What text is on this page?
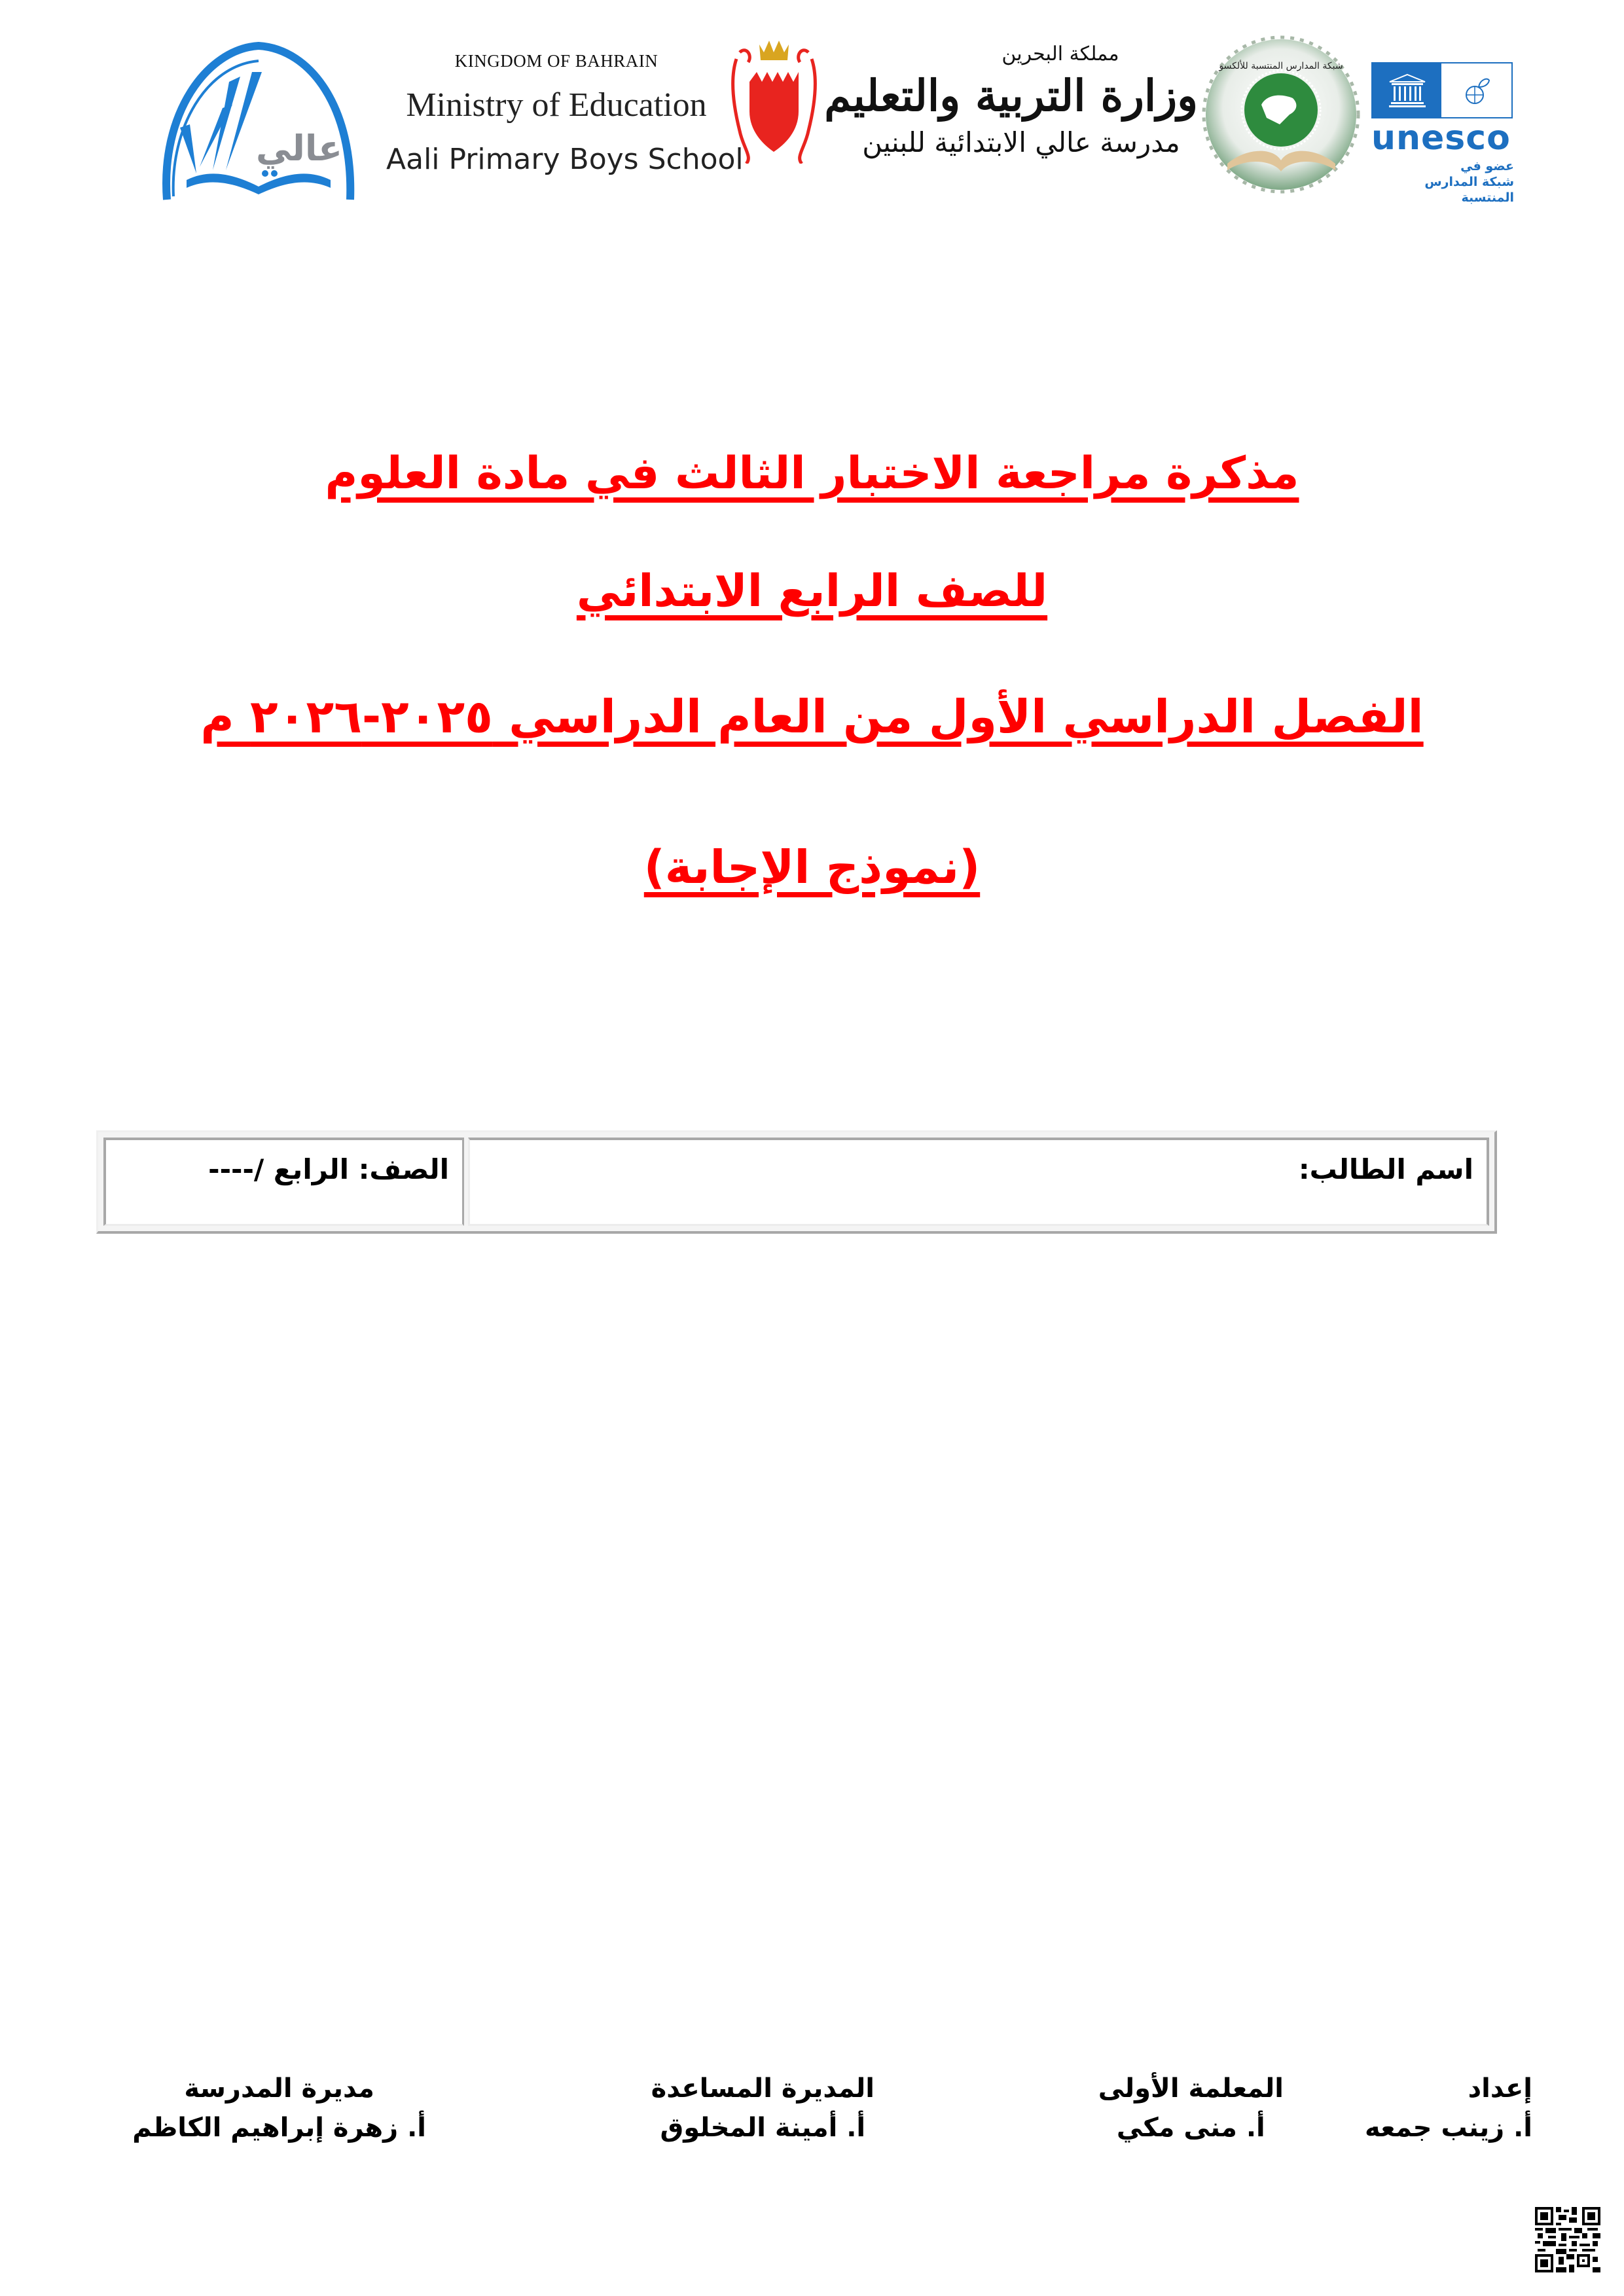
عالي
KINGDOM OF BAHRAIN
Ministry of Education
Aali Primary Boys School
مملكة البحرين
وزارة التربية والتعليم
مدرسة عالي الابتدائية للبنين
شبكة المدارس المنتسبة للألكسو
unesco
عضو في
شبكة المدارس المنتسبة
مذكرة مراجعة الاختبار الثالث في مادة العلوم
للصف الرابع الابتدائي
الفصل الدراسي الأول من العام الدراسي ٢٠٢٥-٢٠٢٦ م
(نموذج الإجابة)
اسم الطالب:
الصف: الرابع /----
إعداد
أ. زينب جمعه
المعلمة الأولى
أ. منى مكي
المديرة المساعدة
أ. أمينة المخلوق
مديرة المدرسة
أ. زهرة إبراهيم الكاظم
